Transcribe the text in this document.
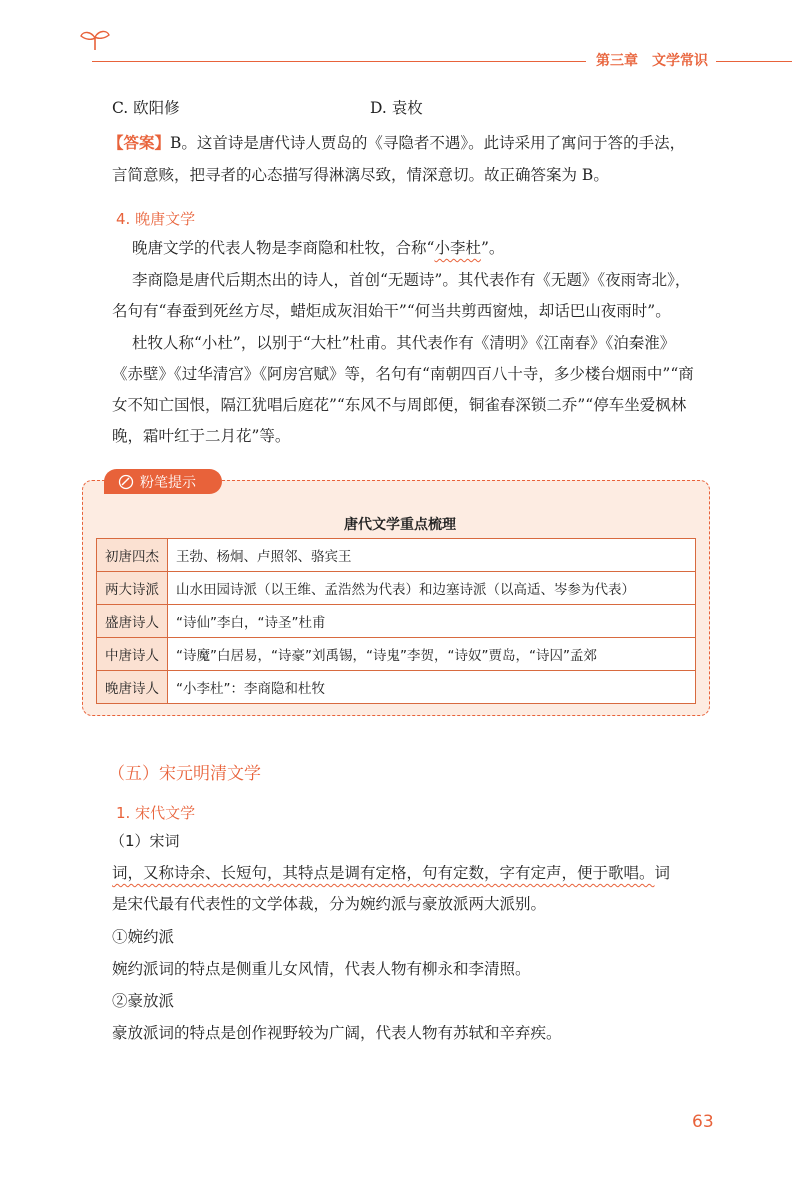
第三章　文学常识
C. 欧阳修	D. 袁枚
【答案】B。这首诗是唐代诗人贾岛的《寻隐者不遇》。此诗采用了寓问于答的手法，
言简意赅，把寻者的心态描写得淋漓尽致，情深意切。故正确答案为 B。
4. 晚唐文学
晚唐文学的代表人物是李商隐和杜牧，合称“小李杜”。
李商隐是唐代后期杰出的诗人，首创“无题诗”。其代表作有《无题》《夜雨寄北》，
名句有“春蚕到死丝方尽，蜡炬成灰泪始干”“何当共剪西窗烛，却话巴山夜雨时”。
杜牧人称“小杜”，以别于“大杜”杜甫。其代表作有《清明》《江南春》《泊秦淮》
《赤壁》《过华清宫》《阿房宫赋》等，名句有“南朝四百八十寺，多少楼台烟雨中”“商
女不知亡国恨，隔江犹唱后庭花”“东风不与周郎便，铜雀春深锁二乔”“停车坐爱枫林
晚，霜叶红于二月花”等。
粉笔提示
唐代文学重点梳理
初唐四杰	王勃、杨炯、卢照邻、骆宾王
两大诗派	山水田园诗派（以王维、孟浩然为代表）和边塞诗派（以高适、岑参为代表）
盛唐诗人	“诗仙”李白，“诗圣”杜甫
中唐诗人	“诗魔”白居易，“诗豪”刘禹锡，“诗鬼”李贺，“诗奴”贾岛，“诗囚”孟郊
晚唐诗人	“小李杜”：李商隐和杜牧
（五）宋元明清文学
1. 宋代文学
（1）宋词
词，又称诗余、长短句，其特点是调有定格，句有定数，字有定声，便于歌唱。词
是宋代最有代表性的文学体裁，分为婉约派与豪放派两大派别。
①婉约派
婉约派词的特点是侧重儿女风情，代表人物有柳永和李清照。
②豪放派
豪放派词的特点是创作视野较为广阔，代表人物有苏轼和辛弃疾。
63
